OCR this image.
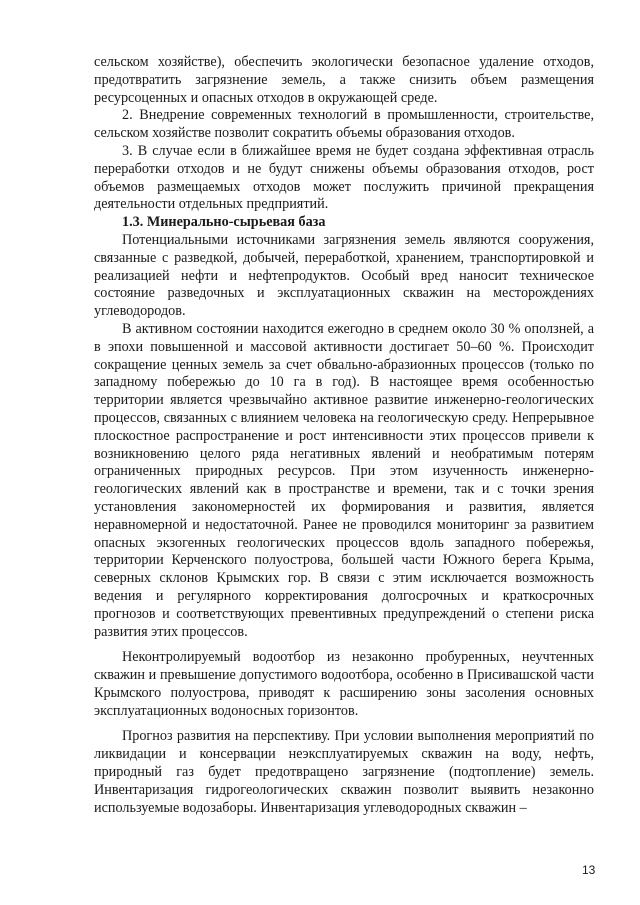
сельском хозяйстве), обеспечить экологически безопасное удаление отходов, предотвратить загрязнение земель, а также снизить объем размещения ресурсоценных и опасных отходов в окружающей среде.

2. Внедрение современных технологий в промышленности, строительстве, сельском хозяйстве позволит сократить объемы образования отходов.

3. В случае если в ближайшее время не будет создана эффективная отрасль переработки отходов и не будут снижены объемы образования отходов, рост объемов размещаемых отходов может послужить причиной прекращения деятельности отдельных предприятий.

1.3. Минерально-сырьевая база

Потенциальными источниками загрязнения земель являются сооружения, связанные с разведкой, добычей, переработкой, хранением, транспортировкой и реализацией нефти и нефтепродуктов. Особый вред наносит техническое состояние разведочных и эксплуатационных скважин на месторождениях углеводородов.

В активном состоянии находится ежегодно в среднем около 30 % оползней, а в эпохи повышенной и массовой активности достигает 50–60 %. Происходит сокращение ценных земель за счет обвально-абразионных процессов (только по западному побережью до 10 га в год). В настоящее время особенностью территории является чрезвычайно активное развитие инженерно-геологических процессов, связанных с влиянием человека на геологическую среду. Непрерывное плоскостное распространение и рост интенсивности этих процессов привели к возникновению целого ряда негативных явлений и необратимым потерям ограниченных природных ресурсов. При этом изученность инженерно-геологических явлений как в пространстве и времени, так и с точки зрения установления закономерностей их формирования и развития, является неравномерной и недостаточной. Ранее не проводился мониторинг за развитием опасных экзогенных геологических процессов вдоль западного побережья, территории Керченского полуострова, большей части Южного берега Крыма, северных склонов Крымских гор. В связи с этим исключается возможность ведения и регулярного корректирования долгосрочных и краткосрочных прогнозов и соответствующих превентивных предупреждений о степени риска развития этих процессов.

Неконтролируемый водоотбор из незаконно пробуренных, неучтенных скважин и превышение допустимого водоотбора, особенно в Присивашской части Крымского полуострова, приводят к расширению зоны засоления основных эксплуатационных водоносных горизонтов.

Прогноз развития на перспективу. При условии выполнения мероприятий по ликвидации и консервации неэксплуатируемых скважин на воду, нефть, природный газ будет предотвращено загрязнение (подтопление) земель. Инвентаризация гидрогеологических скважин позволит выявить незаконно используемые водозаборы. Инвентаризация углеводородных скважин –

13
